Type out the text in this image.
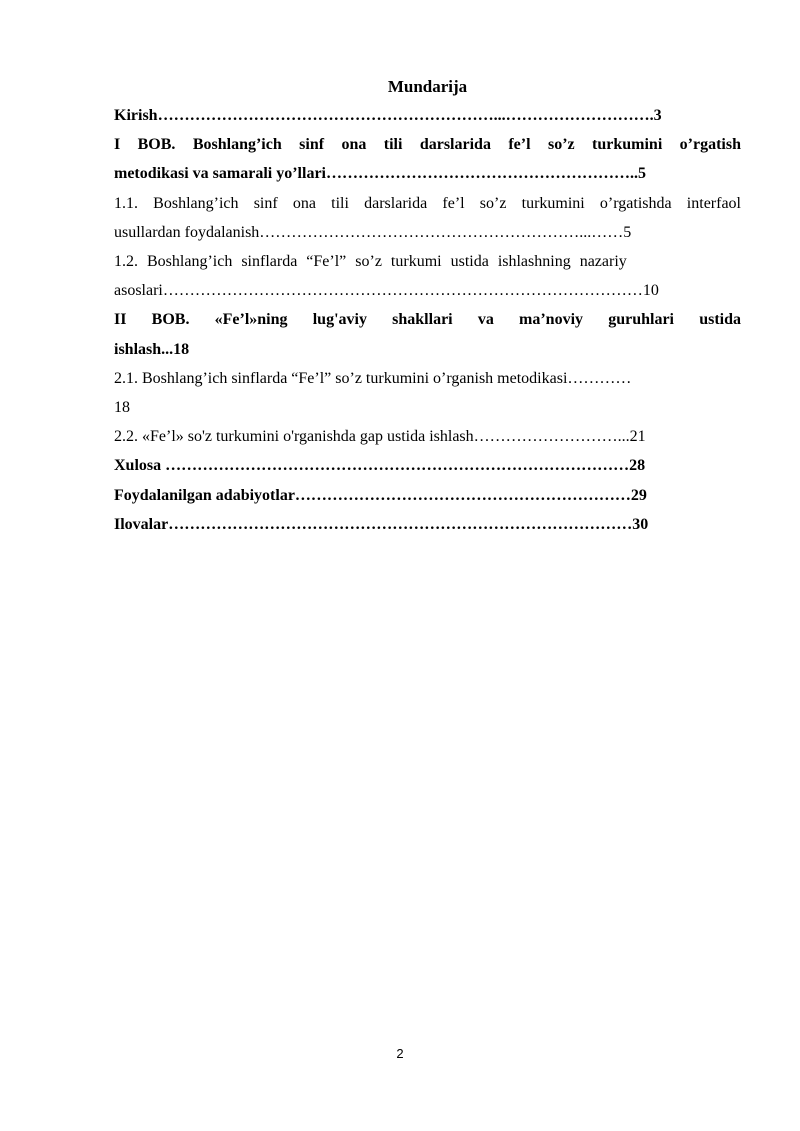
Mundarija
Kirish………………………………………………………...……………………….3
I BOB. Boshlang’ich sinf ona tili darslarida fe’l so’z turkumini o’rgatish
metodikasi va samarali yo’llari…………………………………………………..5
1.1. Boshlang’ich sinf ona tili darslarida fe’l so’z turkumini o’rgatishda interfaol
usullardan foydalanish……………………………………………………...……5
1.2. Boshlang’ich sinflarda “Fe’l” so’z turkumi ustida ishlashning nazariy
asoslari………………………………………………………………………………10
II BOB. «Fe’l»ning lug'aviy shakllari va ma’noviy guruhlari ustida
ishlash...18
2.1. Boshlang’ich sinflarda “Fe’l” so’z turkumini o’rganish metodikasi…………
18
2.2. «Fe’l» so'z turkumini o'rganishda gap ustida ishlash………………………...21
Xulosa ……………………………………………………………………………28
Foydalanilgan adabiyotlar………………………………………………………29
Ilovalar……………………………………………………………………………30
2
